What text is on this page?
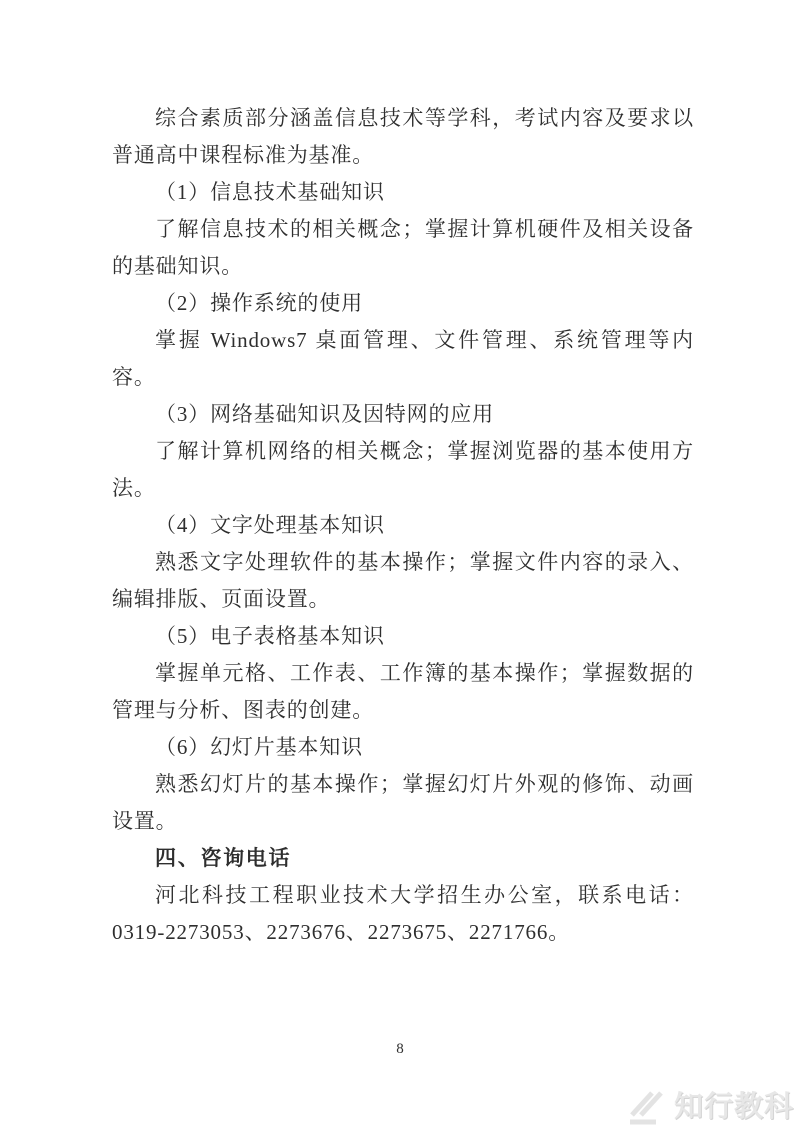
综合素质部分涵盖信息技术等学科，考试内容及要求以普通高中课程标准为基准。

（1）信息技术基础知识

了解信息技术的相关概念；掌握计算机硬件及相关设备的基础知识。

（2）操作系统的使用

掌握 Windows7 桌面管理、文件管理、系统管理等内容。

（3）网络基础知识及因特网的应用

了解计算机网络的相关概念；掌握浏览器的基本使用方法。

（4）文字处理基本知识

熟悉文字处理软件的基本操作；掌握文件内容的录入、编辑排版、页面设置。

（5）电子表格基本知识

掌握单元格、工作表、工作簿的基本操作；掌握数据的管理与分析、图表的创建。

（6）幻灯片基本知识

熟悉幻灯片的基本操作；掌握幻灯片外观的修饰、动画设置。

四、咨询电话

河北科技工程职业技术大学招生办公室，联系电话：0319-2273053、2273676、2273675、2271766。

8
知行教科
